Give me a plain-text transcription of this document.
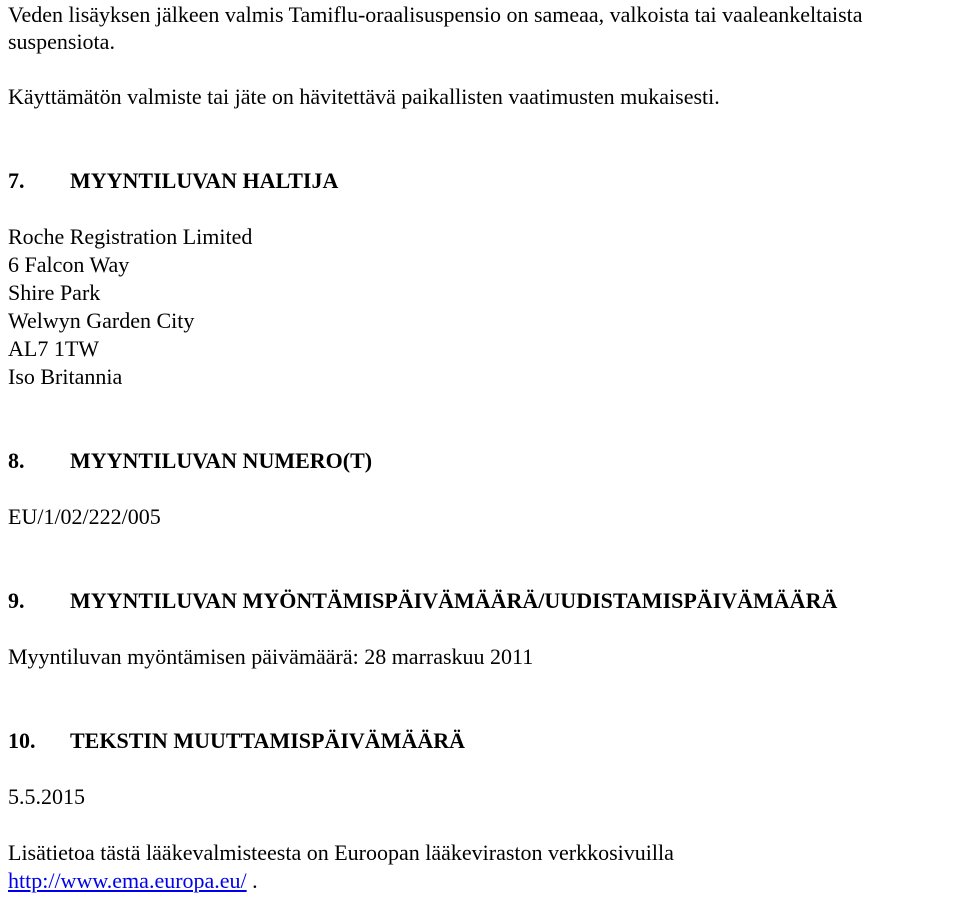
Veden lisäyksen jälkeen valmis Tamiflu-oraalisuspensio on sameaa, valkoista tai vaaleankeltaista
suspensiota.
Käyttämätön valmiste tai jäte on hävitettävä paikallisten vaatimusten mukaisesti.
7. MYYNTILUVAN HALTIJA
Roche Registration Limited
6 Falcon Way
Shire Park
Welwyn Garden City
AL7 1TW
Iso Britannia
8. MYYNTILUVAN NUMERO(T)
EU/1/02/222/005
9. MYYNTILUVAN MYÖNTÄMISPÄIVÄMÄÄRÄ/UUDISTAMISPÄIVÄMÄÄRÄ
Myyntiluvan myöntämisen päivämäärä: 28 marraskuu 2011
10. TEKSTIN MUUTTAMISPÄIVÄMÄÄRÄ
5.5.2015
Lisätietoa tästä lääkevalmisteesta on Euroopan lääkeviraston verkkosivuilla
http://www.ema.europa.eu/ .
